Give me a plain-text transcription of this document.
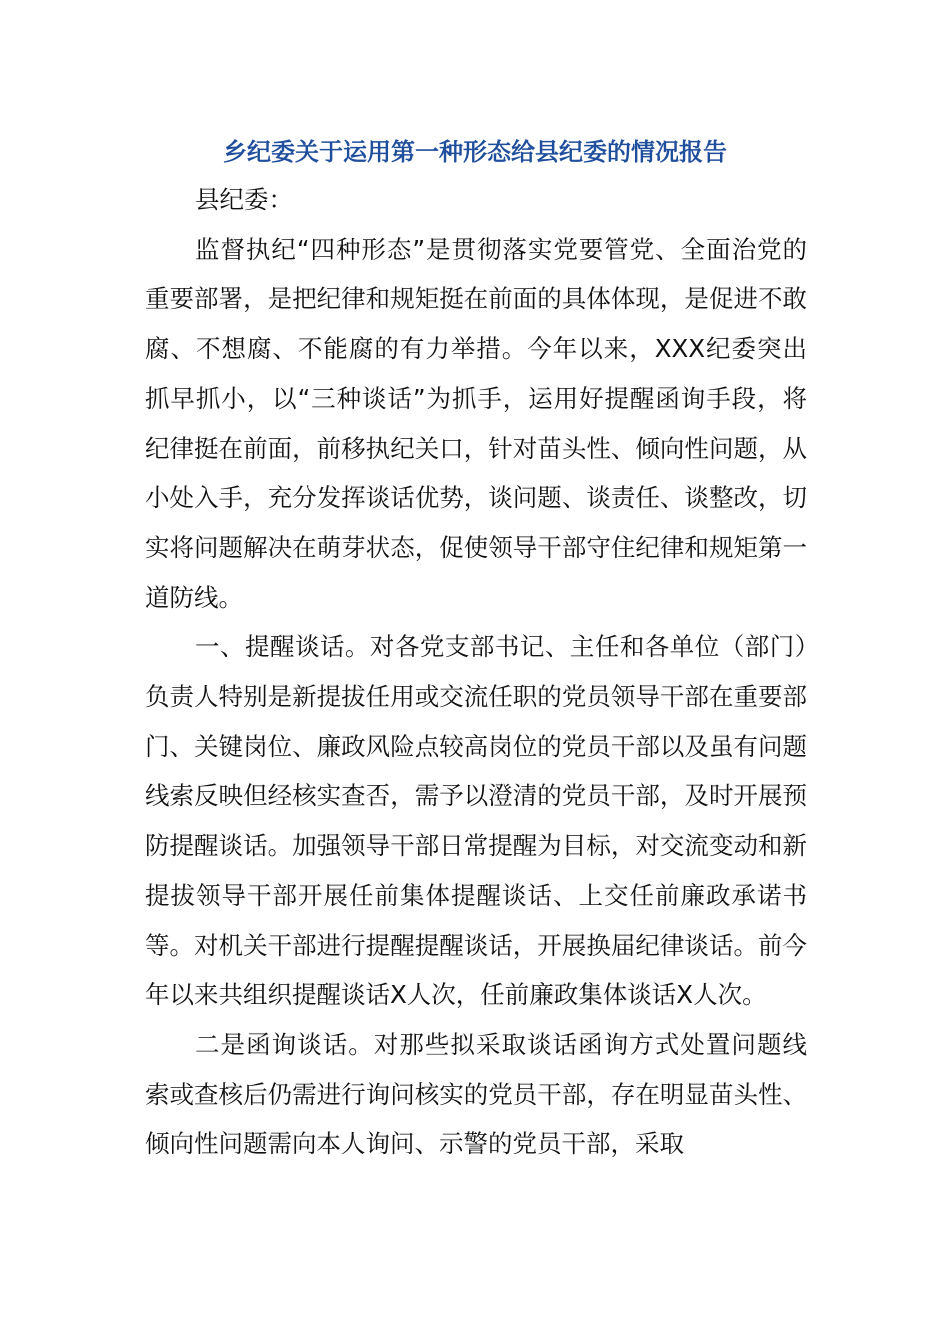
乡纪委关于运用第一种形态给县纪委的情况报告

县纪委：

监督执纪“四种形态”是贯彻落实党要管党、全面治党的重要部署，是把纪律和规矩挺在前面的具体体现，是促进不敢腐、不想腐、不能腐的有力举措。今年以来，XXX纪委突出抓早抓小，以“三种谈话”为抓手，运用好提醒函询手段，将纪律挺在前面，前移执纪关口，针对苗头性、倾向性问题，从小处入手，充分发挥谈话优势，谈问题、谈责任、谈整改，切实将问题解决在萌芽状态，促使领导干部守住纪律和规矩第一道防线。

一、提醒谈话。对各党支部书记、主任和各单位（部门）负责人特别是新提拔任用或交流任职的党员领导干部在重要部门、关键岗位、廉政风险点较高岗位的党员干部以及虽有问题线索反映但经核实查否，需予以澄清的党员干部，及时开展预防提醒谈话。加强领导干部日常提醒为目标，对交流变动和新提拔领导干部开展任前集体提醒谈话、上交任前廉政承诺书等。对机关干部进行提醒提醒谈话，开展换届纪律谈话。前今年以来共组织提醒谈话X人次，任前廉政集体谈话X人次。

二是函询谈话。对那些拟采取谈话函询方式处置问题线索或查核后仍需进行询问核实的党员干部，存在明显苗头性、倾向性问题需向本人询问、示警的党员干部，采取
